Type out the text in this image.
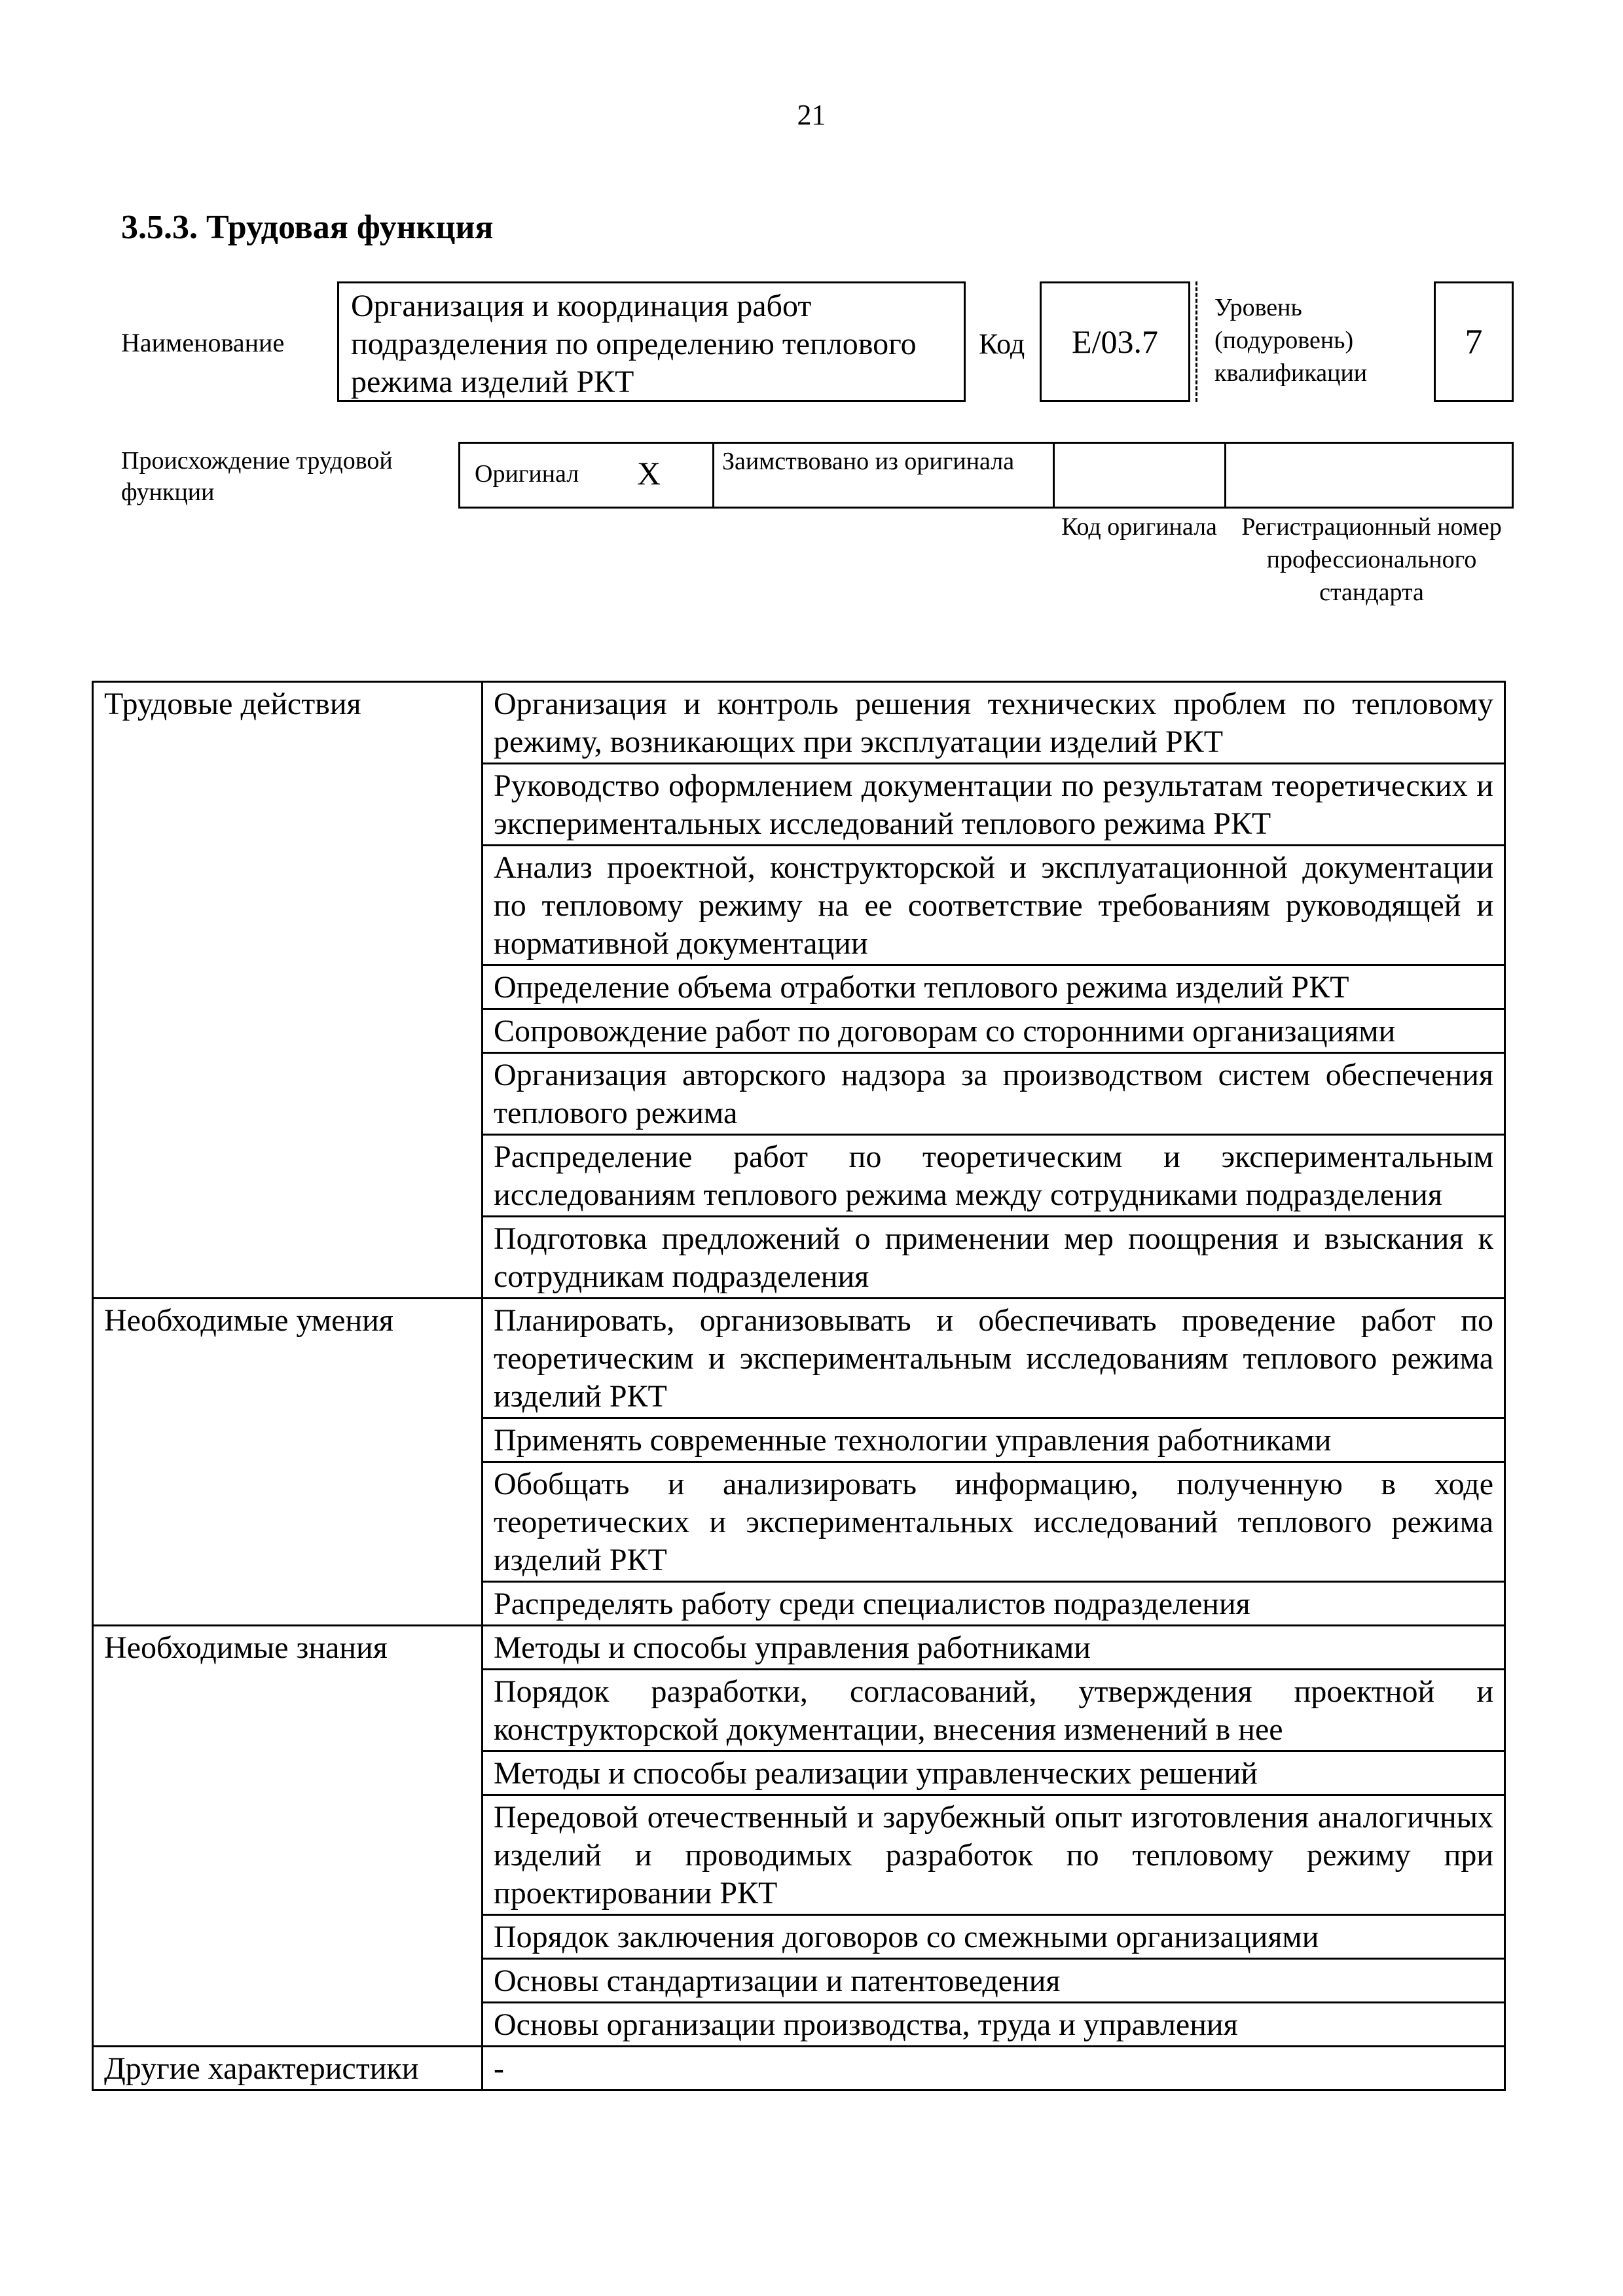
21
3.5.3. Трудовая функция
Наименование
Организация и координация работ подразделения по определению теплового режима изделий РКТ
Код E/03.7
Уровень
(подуровень)
квалификации
7
Происхождение трудовой функции
Оригинал X	Заимствовано из оригинала
Код оригинала Регистрационный номер профессионального стандарта
Трудовые действия	Организация и контроль решения технических проблем по тепловому режиму, возникающих при эксплуатации изделий РКТ
	Руководство оформлением документации по результатам теоретических и экспериментальных исследований теплового режима РКТ
	Анализ проектной, конструкторской и эксплуатационной документации по тепловому режиму на ее соответствие требованиям руководящей и нормативной документации
	Определение объема отработки теплового режима изделий РКТ
	Сопровождение работ по договорам со сторонними организациями
	Организация авторского надзора за производством систем обеспечения теплового режима
	Распределение работ по теоретическим и экспериментальным исследованиям теплового режима между сотрудниками подразделения
	Подготовка предложений о применении мер поощрения и взыскания к сотрудникам подразделения
Необходимые умения	Планировать, организовывать и обеспечивать проведение работ по теоретическим и экспериментальным исследованиям теплового режима изделий РКТ
	Применять современные технологии управления работниками
	Обобщать и анализировать информацию, полученную в ходе теоретических и экспериментальных исследований теплового режима изделий РКТ
	Распределять работу среди специалистов подразделения
Необходимые знания	Методы и способы управления работниками
	Порядок разработки, согласований, утверждения проектной и конструкторской документации, внесения изменений в нее
	Методы и способы реализации управленческих решений
	Передовой отечественный и зарубежный опыт изготовления аналогичных изделий и проводимых разработок по тепловому режиму при проектировании РКТ
	Порядок заключения договоров со смежными организациями
	Основы стандартизации и патентоведения
	Основы организации производства, труда и управления
Другие характеристики	-
